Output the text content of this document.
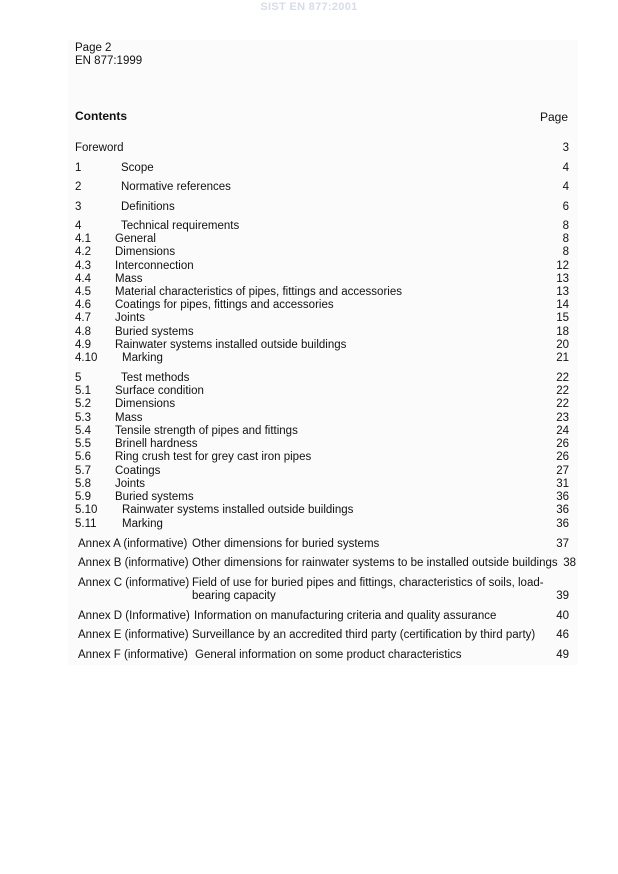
SIST EN 877:2001
Page 2
EN 877:1999
Contents	Page
Foreword	3
1	Scope	4
2	Normative references	4
3	Definitions	6
4	Technical requirements	8
4.1 General	8
4.2 Dimensions	8
4.3 Interconnection	12
4.4 Mass	13
4.5 Material characteristics of pipes, fittings and accessories	13
4.6 Coatings for pipes, fittings and accessories	14
4.7 Joints	15
4.8 Buried systems	18
4.9 Rainwater systems installed outside buildings	20
4.10 Marking	21
5	Test methods	22
5.1 Surface condition	22
5.2 Dimensions	22
5.3 Mass	23
5.4 Tensile strength of pipes and fittings	24
5.5 Brinell hardness	26
5.6 Ring crush test for grey cast iron pipes	26
5.7 Coatings	27
5.8 Joints	31
5.9 Buried systems	36
5.10 Rainwater systems installed outside buildings	36
5.11 Marking	36
Annex A (informative) Other dimensions for buried systems	37
Annex B (informative) Other dimensions for rainwater systems to be installed outside buildings 38
Annex C (informative) Field of use for buried pipes and fittings, characteristics of soils, load-bearing capacity	39
Annex D (Informative) Information on manufacturing criteria and quality assurance	40
Annex E (informative) Surveillance by an accredited third party (certification by third party)	46
Annex F (informative) General information on some product characteristics	49
